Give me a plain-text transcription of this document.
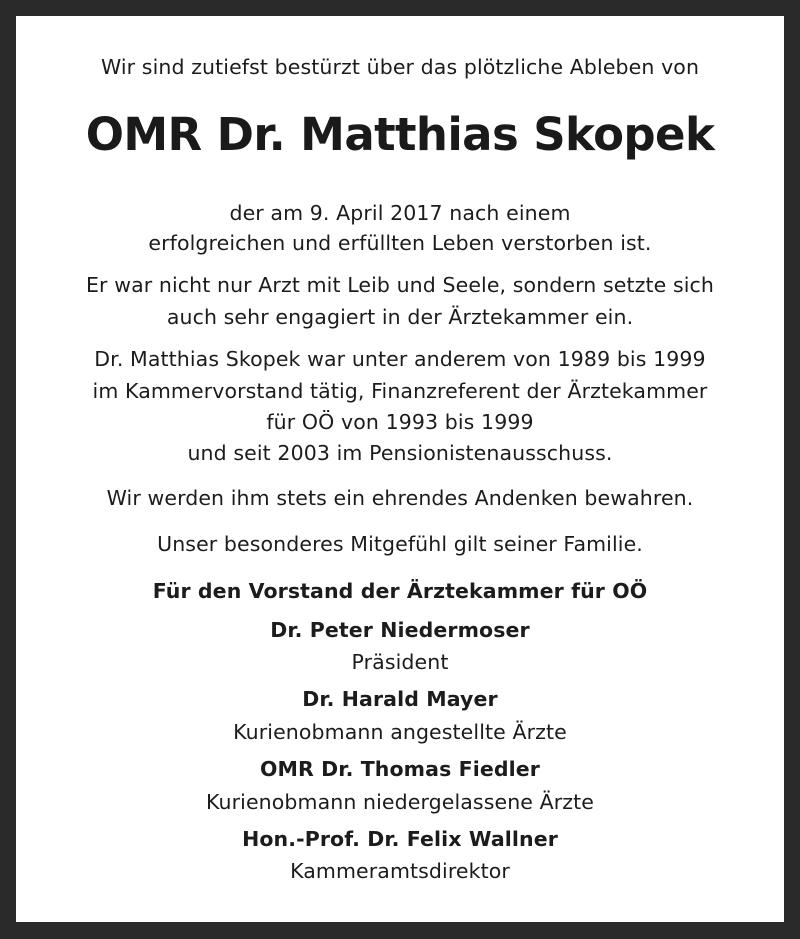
Wir sind zutiefst bestürzt über das plötzliche Ableben von
OMR Dr. Matthias Skopek
der am 9. April 2017 nach einem
erfolgreichen und erfüllten Leben verstorben ist.
Er war nicht nur Arzt mit Leib und Seele, sondern setzte sich
auch sehr engagiert in der Ärztekammer ein.
Dr. Matthias Skopek war unter anderem von 1989 bis 1999
im Kammervorstand tätig, Finanzreferent der Ärztekammer
für OÖ von 1993 bis 1999
und seit 2003 im Pensionistenausschuss.
Wir werden ihm stets ein ehrendes Andenken bewahren.
Unser besonderes Mitgefühl gilt seiner Familie.
Für den Vorstand der Ärztekammer für OÖ
Dr. Peter Niedermoser
Präsident
Dr. Harald Mayer
Kurienobmann angestellte Ärzte
OMR Dr. Thomas Fiedler
Kurienobmann niedergelassene Ärzte
Hon.-Prof. Dr. Felix Wallner
Kammeramtsdirektor
